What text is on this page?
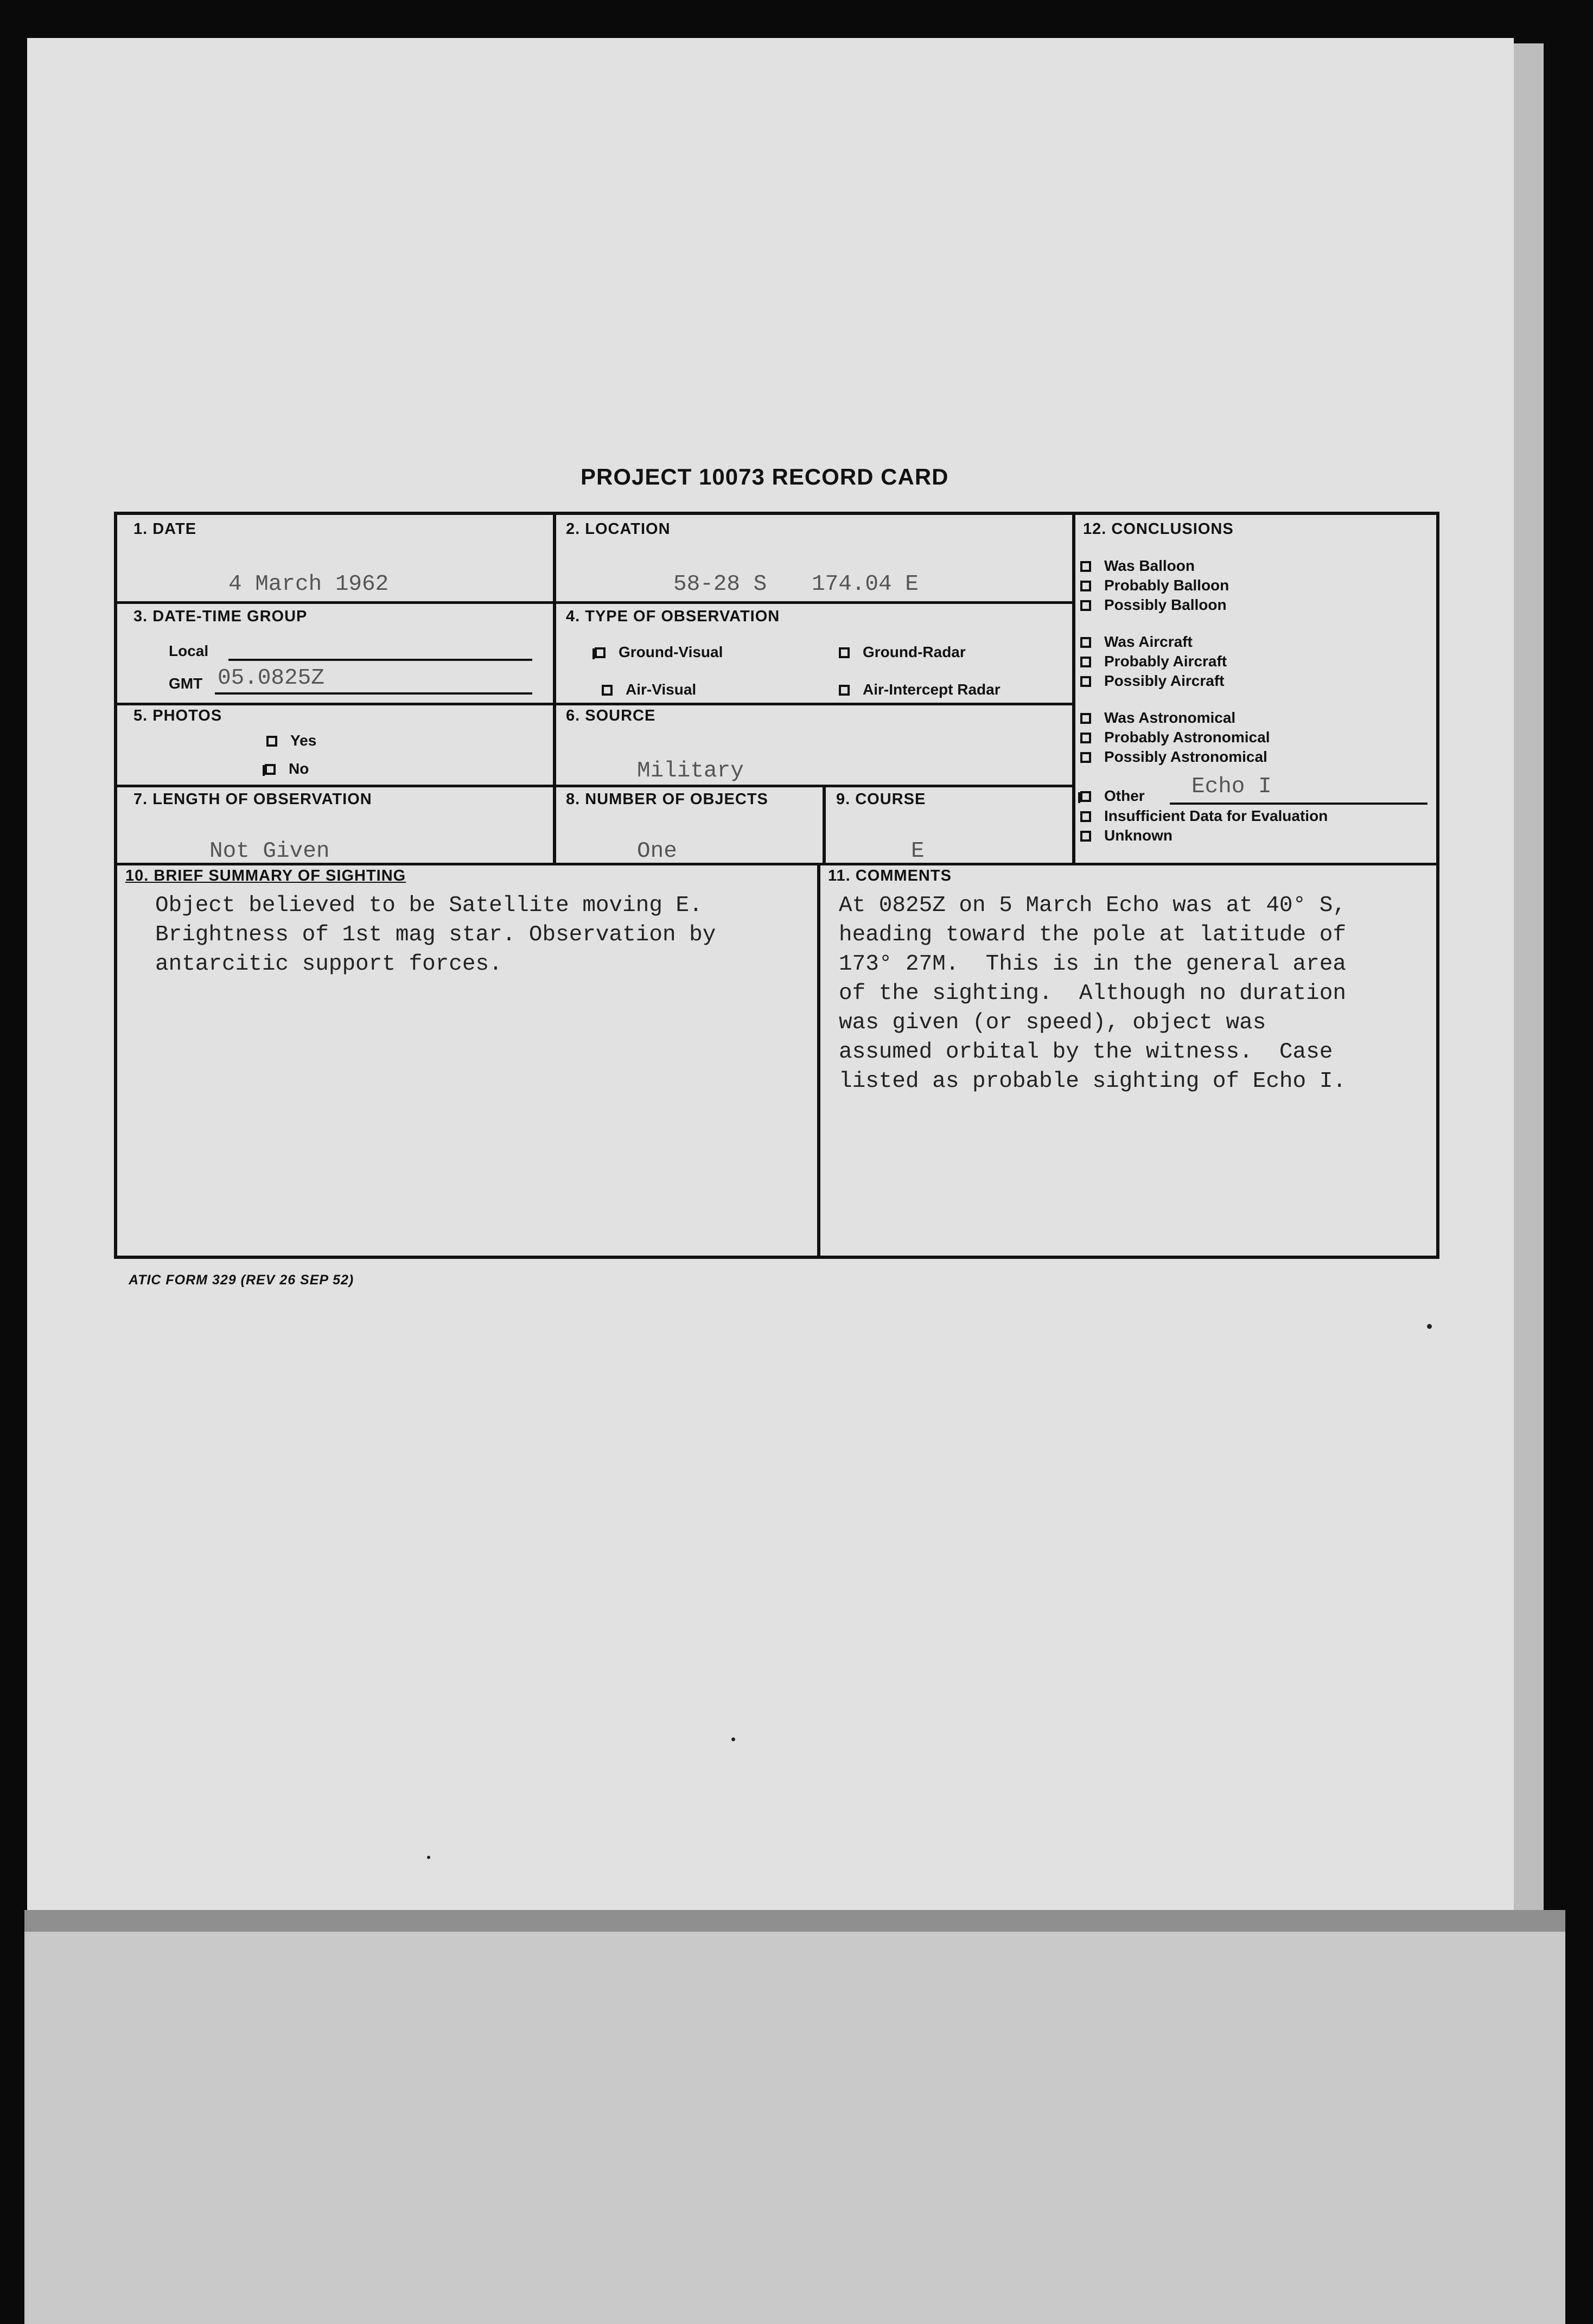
PROJECT 10073 RECORD CARD
1. DATE
4 March 1962
2. LOCATION
58-28 S 174.04 E
3. DATE-TIME GROUP
Local
GMT 05.0825Z
4. TYPE OF OBSERVATION
Ground-Visual	Ground-Radar
Air-Visual	Air-Intercept Radar
5. PHOTOS
Yes
No
6. SOURCE
Military
7. LENGTH OF OBSERVATION
Not Given
8. NUMBER OF OBJECTS
One
9. COURSE
E
10. BRIEF SUMMARY OF SIGHTING
Object believed to be Satellite moving E.
Brightness of 1st mag star. Observation by
antarcitic support forces.
11. COMMENTS
At 0825Z on 5 March Echo was at 40° S,
heading toward the pole at latitude of
173° 27M.  This is in the general area
of the sighting.  Although no duration
was given (or speed), object was
assumed orbital by the witness.  Case
listed as probable sighting of Echo I.
12. CONCLUSIONS
Was Balloon
Probably Balloon
Possibly Balloon
Was Aircraft
Probably Aircraft
Possibly Aircraft
Was Astronomical
Probably Astronomical
Possibly Astronomical
Other Echo I
Insufficient Data for Evaluation
Unknown
ATIC FORM 329 (REV 26 SEP 52)
